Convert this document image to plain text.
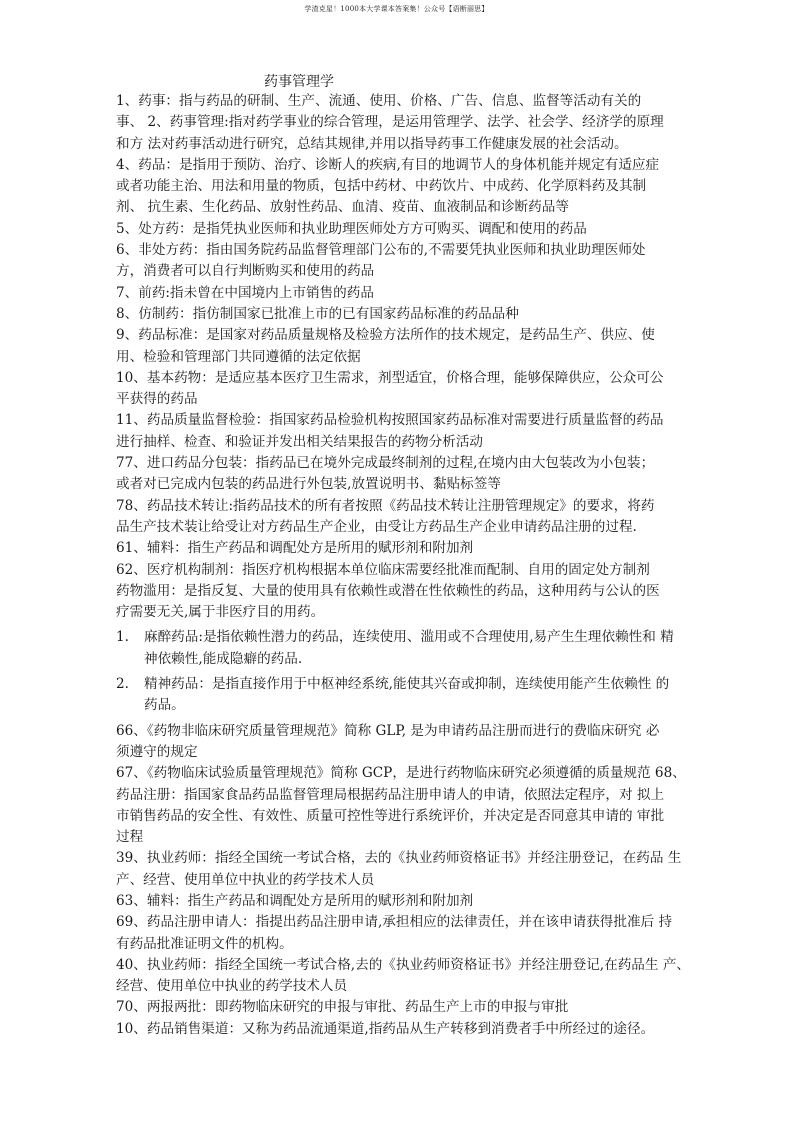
学渣克星！1000本大学课本答案集！公众号【语断丽思】
药事管理学
1、药事：指与药品的研制、生产、流通、使用、价格、广告、信息、监督等活动有关的
事、 2、药事管理:指对药学事业的综合管理，是运用管理学、法学、社会学、经济学的原理
和方 法对药事活动进行研究，总结其规律,并用以指导药事工作健康发展的社会活动。
4、药品：是指用于预防、治疗、诊断人的疾病,有目的地调节人的身体机能并规定有适应症
或者功能主治、用法和用量的物质，包括中药材、中药饮片、中成药、化学原料药及其制
剂、 抗生素、生化药品、放射性药品、血清、疫苗、血液制品和诊断药品等
5、处方药：是指凭执业医师和执业助理医师处方方可购买、调配和使用的药品
6、非处方药：指由国务院药品监督管理部门公布的,不需要凭执业医师和执业助理医师处
方，消费者可以自行判断购买和使用的药品
7、前药:指未曾在中国境内上市销售的药品
8、仿制药：指仿制国家已批准上市的已有国家药品标准的药品品种
9、药品标准：是国家对药品质量规格及检验方法所作的技术规定，是药品生产、供应、使
用、检验和管理部门共同遵循的法定依据
10、基本药物：是适应基本医疗卫生需求，剂型适宜，价格合理，能够保障供应，公众可公
平获得的药品
11、药品质量监督检验：指国家药品检验机构按照国家药品标准对需要进行质量监督的药品
进行抽样、检查、和验证并发出相关结果报告的药物分析活动
77、进口药品分包装：指药品已在境外完成最终制剂的过程,在境内由大包装改为小包装；
或者对已完成内包装的药品进行外包装,放置说明书、黏贴标签等
78、药品技术转让:指药品技术的所有者按照《药品技术转让注册管理规定》的要求，将药
品生产技术装让给受让对方药品生产企业，由受让方药品生产企业申请药品注册的过程.
61、辅料：指生产药品和调配处方是所用的赋形剂和附加剂
62、医疗机构制剂：指医疗机构根据本单位临床需要经批准而配制、自用的固定处方制剂
药物滥用：是指反复、大量的使用具有依赖性或潜在性依赖性的药品，这种用药与公认的医
疗需要无关,属于非医疗目的用药。
1. 麻醉药品:是指依赖性潜力的药品，连续使用、滥用或不合理使用,易产生生理依赖性和 精
神依赖性,能成隐癖的药品.
2. 精神药品：是指直接作用于中枢神经系统,能使其兴奋或抑制，连续使用能产生依赖性 的
药品。
66、《药物非临床研究质量管理规范》简称 GLP, 是为申请药品注册而进行的费临床研究 必
须遵守的规定
67、《药物临床试验质量管理规范》简称 GCP，是进行药物临床研究必须遵循的质量规范 68、
药品注册：指国家食品药品监督管理局根据药品注册申请人的申请，依照法定程序，对 拟上
市销售药品的安全性、有效性、质量可控性等进行系统评价，并决定是否同意其申请的 审批
过程
39、执业药师：指经全国统一考试合格，去的《执业药师资格证书》并经注册登记，在药品 生
产、经营、使用单位中执业的药学技术人员
63、辅料：指生产药品和调配处方是所用的赋形剂和附加剂
69、药品注册申请人：指提出药品注册申请,承担相应的法律责任，并在该申请获得批准后 持
有药品批准证明文件的机构。
40、执业药师：指经全国统一考试合格,去的《执业药师资格证书》并经注册登记,在药品生 产、
经营、使用单位中执业的药学技术人员
70、两报两批：即药物临床研究的申报与审批、药品生产上市的申报与审批
10、药品销售渠道：又称为药品流通渠道,指药品从生产转移到消费者手中所经过的途径。
